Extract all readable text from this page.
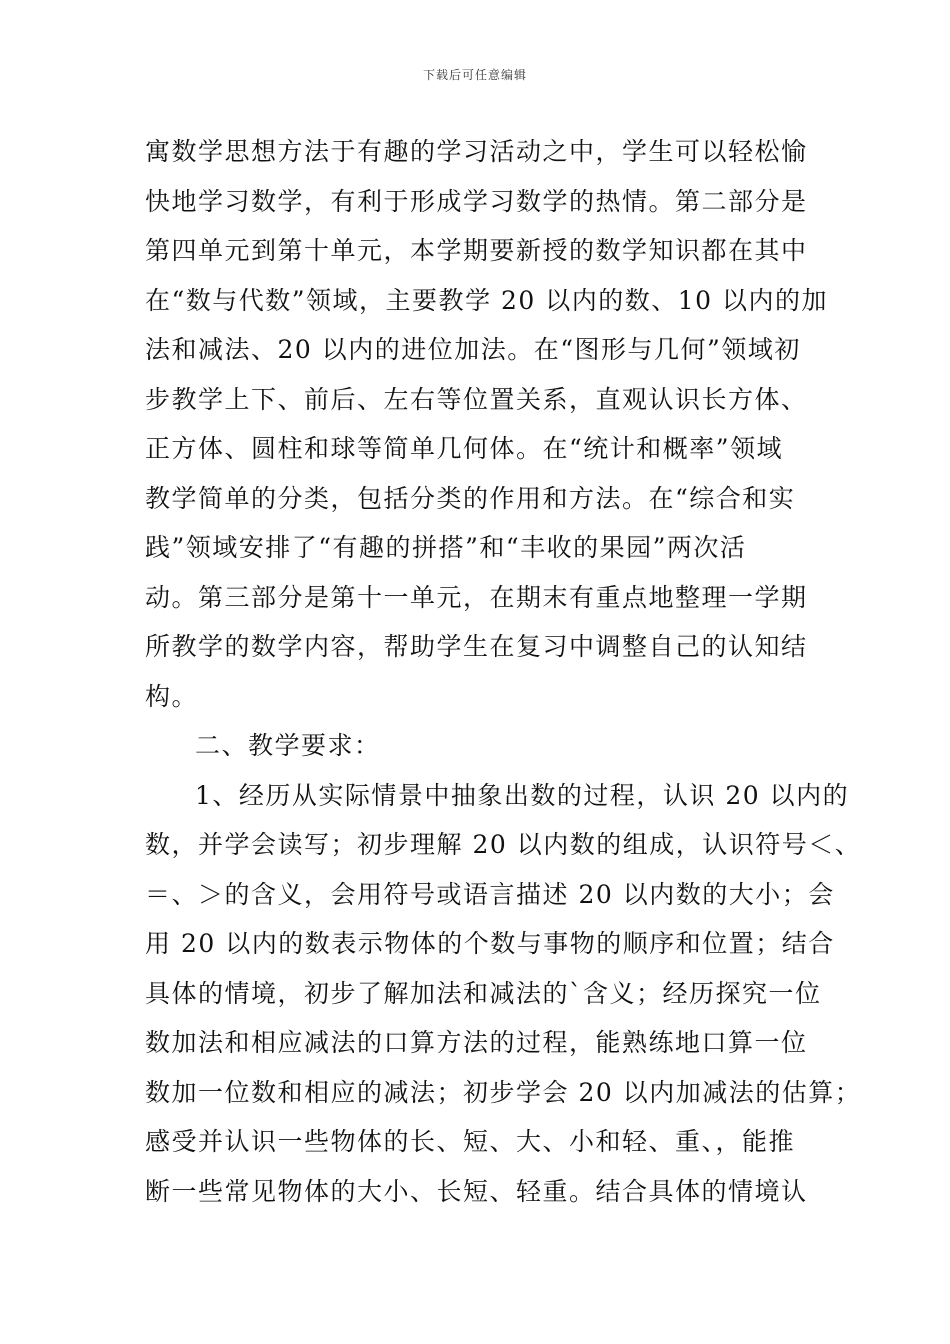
下载后可任意编辑
寓数学思想方法于有趣的学习活动之中，学生可以轻松愉
快地学习数学，有利于形成学习数学的热情。第二部分是
第四单元到第十单元，本学期要新授的数学知识都在其中
在“数与代数”领域，主要教学 20 以内的数、10 以内的加
法和减法、20 以内的进位加法。在“图形与几何”领域初
步教学上下、前后、左右等位置关系，直观认识长方体、
正方体、圆柱和球等简单几何体。在“统计和概率”领域
教学简单的分类，包括分类的作用和方法。在“综合和实
践”领域安排了“有趣的拼搭”和“丰收的果园”两次活
动。第三部分是第十一单元，在期末有重点地整理一学期
所教学的数学内容，帮助学生在复习中调整自己的认知结
构。
二、教学要求：
1、经历从实际情景中抽象出数的过程，认识 20 以内的
数，并学会读写；初步理解 20 以内数的组成，认识符号＜、
＝、＞的含义，会用符号或语言描述 20 以内数的大小；会
用 20 以内的数表示物体的个数与事物的顺序和位置；结合
具体的情境，初步了解加法和减法的`含义；经历探究一位
数加法和相应减法的口算方法的过程，能熟练地口算一位
数加一位数和相应的减法；初步学会 20 以内加减法的估算；
感受并认识一些物体的长、短、大、小和轻、重、，能推
断一些常见物体的大小、长短、轻重。结合具体的情境认
